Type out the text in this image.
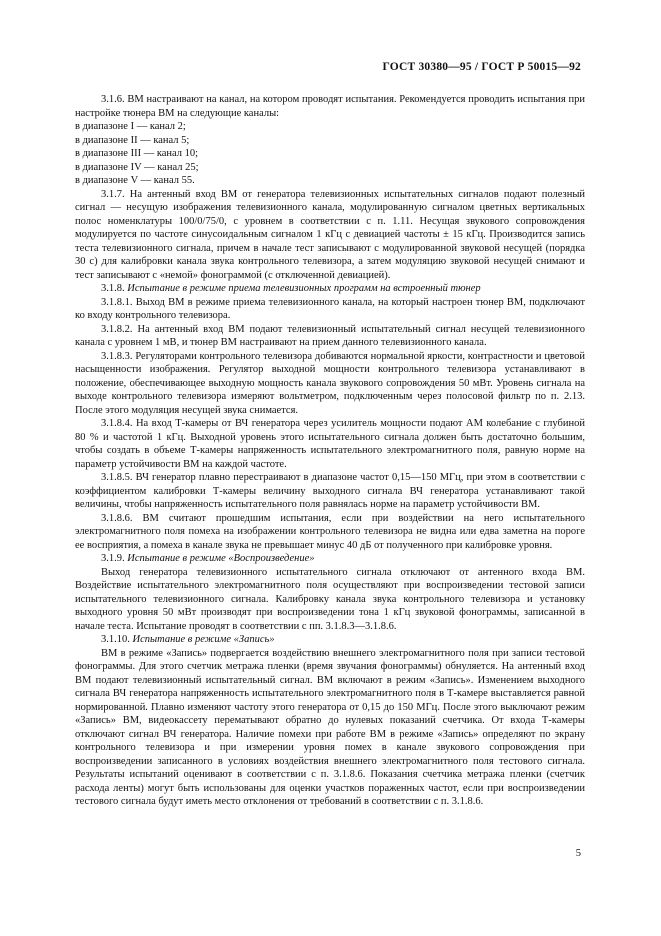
ГОСТ 30380—95 / ГОСТ Р 50015—92

3.1.6. ВМ настраивают на канал, на котором проводят испытания. Рекомендуется проводить испытания при настройке тюнера ВМ на следующие каналы:

в диапазоне I — канал 2;

в диапазоне II — канал 5;

в диапазоне III — канал 10;

в диапазоне IV — канал 25;

в диапазоне V — канал 55.

3.1.7. На антенный вход ВМ от генератора телевизионных испытательных сигналов подают полезный сигнал — несущую изображения телевизионного канала, модулированную сигналом цветных вертикальных полос номенклатуры 100/0/75/0, с уровнем в соответствии с п. 1.11. Несущая звукового сопровождения модулируется по частоте синусоидальным сигналом 1 кГц с девиацией частоты ± 15 кГц. Производится запись теста телевизионного сигнала, причем в начале тест записывают с модулированной звуковой несущей (порядка 30 с) для калибровки канала звука контрольного телевизора, а затем модуляцию звуковой несущей снимают и тест записывают с «немой» фонограммой (с отключенной девиацией).

3.1.8. Испытание в режиме приема телевизионных программ на встроенный тюнер

3.1.8.1. Выход ВМ в режиме приема телевизионного канала, на который настроен тюнер ВМ, подключают ко входу контрольного телевизора.

3.1.8.2. На антенный вход ВМ подают телевизионный испытательный сигнал несущей телевизионного канала с уровнем 1 мВ, и тюнер ВМ настраивают на прием данного телевизионного канала.

3.1.8.3. Регуляторами контрольного телевизора добиваются нормальной яркости, контрастности и цветовой насыщенности изображения. Регулятор выходной мощности контрольного телевизора устанавливают в положение, обеспечивающее выходную мощность канала звукового сопровождения 50 мВт. Уровень сигнала на выходе контрольного телевизора измеряют вольтметром, подключенным через полосовой фильтр по п. 2.13. После этого модуляция несущей звука снимается.

3.1.8.4. На вход Т-камеры от ВЧ генератора через усилитель мощности подают АМ колебание с глубиной 80 % и частотой 1 кГц. Выходной уровень этого испытательного сигнала должен быть достаточно большим, чтобы создать в объеме Т-камеры напряженность испытательного электромагнитного поля, равную норме на параметр устойчивости ВМ на каждой частоте.

3.1.8.5. ВЧ генератор плавно перестраивают в диапазоне частот 0,15—150 МГц, при этом в соответствии с коэффициентом калибровки Т-камеры величину выходного сигнала ВЧ генератора устанавливают такой величины, чтобы напряженность испытательного поля равнялась норме на параметр устойчивости ВМ.

3.1.8.6. ВМ считают прошедшим испытания, если при воздействии на него испытательного электромагнитного поля помеха на изображении контрольного телевизора не видна или едва заметна на пороге ее восприятия, а помеха в канале звука не превышает минус 40 дБ от полученного при калибровке уровня.

3.1.9. Испытание в режиме «Воспроизведение»

Выход генератора телевизионного испытательного сигнала отключают от антенного входа ВМ. Воздействие испытательного электромагнитного поля осуществляют при воспроизведении тестовой записи испытательного телевизионного сигнала. Калибровку канала звука контрольного телевизора и установку выходного уровня 50 мВт производят при воспроизведении тона 1 кГц звуковой фонограммы, записанной в начале теста. Испытание проводят в соответствии с пп. 3.1.8.3—3.1.8.6.

3.1.10. Испытание в режиме «Запись»

ВМ в режиме «Запись» подвергается воздействию внешнего электромагнитного поля при записи тестовой фонограммы. Для этого счетчик метража пленки (время звучания фонограммы) обнуляется. На антенный вход ВМ подают телевизионный испытательный сигнал. ВМ включают в режим «Запись». Изменением выходного сигнала ВЧ генератора напряженность испытательного электромагнитного поля в Т-камере выставляется равной нормированной. Плавно изменяют частоту этого генератора от 0,15 до 150 МГц. После этого выключают режим «Запись» ВМ, видеокассету перематывают обратно до нулевых показаний счетчика. От входа Т-камеры отключают сигнал ВЧ генератора. Наличие помехи при работе ВМ в режиме «Запись» определяют по экрану контрольного телевизора и при измерении уровня помех в канале звукового сопровождения при воспроизведении записанного в условиях воздействия внешнего электромагнитного поля тестового сигнала. Результаты испытаний оценивают в соответствии с п. 3.1.8.6. Показания счетчика метража пленки (счетчик расхода ленты) могут быть использованы для оценки участков пораженных частот, если при воспроизведении тестового сигнала будут иметь место отклонения от требований в соответствии с п. 3.1.8.6.

5
